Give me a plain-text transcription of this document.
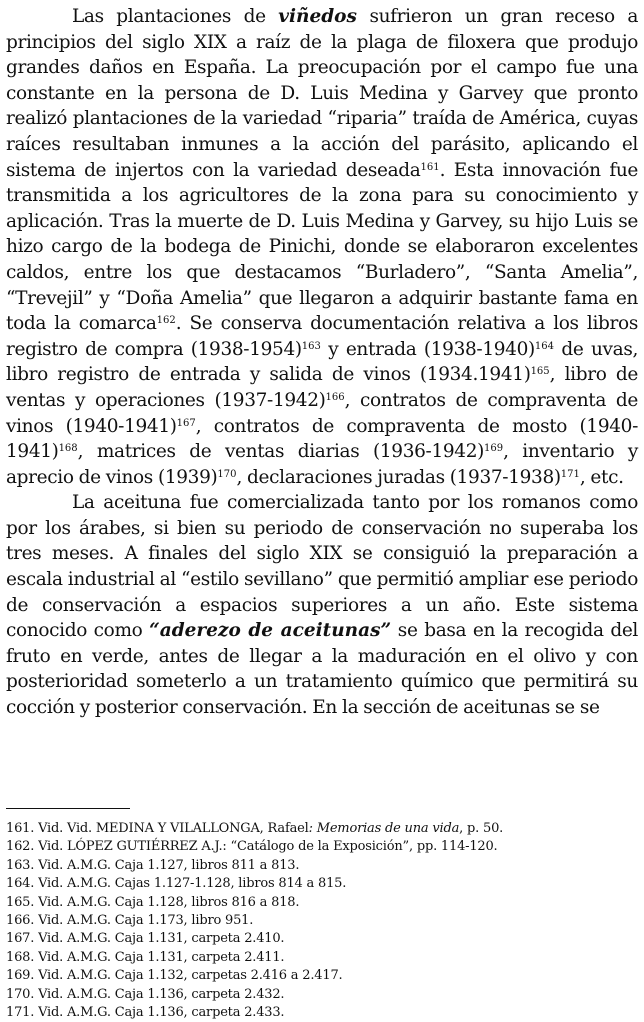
Las plantaciones de viñedos sufrieron un gran receso a principios del siglo XIX a raíz de la plaga de filoxera que produjo grandes daños en España. La preocupación por el campo fue una constante en la persona de D. Luis Medina y Garvey que pronto realizó plantaciones de la variedad “riparia” traída de América, cuyas raíces resultaban inmunes a la acción del parásito, aplicando el sistema de injertos con la variedad deseada$^{161}$. Esta innovación fue transmitida a los agricultores de la zona para su conocimiento y aplicación. Tras la muerte de D. Luis Medina y Garvey, su hijo Luis se hizo cargo de la bodega de Pinichi, donde se elaboraron excelentes caldos, entre los que destacamos “Burladero”, “Santa Amelia”, “Trevejil” y “Doña Amelia” que llegaron a adquirir bastante fama en toda la comarca$^{162}$. Se conserva documentación relativa a los libros registro de compra (1938-1954)$^{163}$ y entrada (1938-1940)$^{164}$ de uvas, libro registro de entrada y salida de vinos $(1934.1941)^{165}$, libro de ventas y operaciones (1937-1942)$^{166}$, contratos de compraventa de vinos (1940-1941)$^{167}$, contratos de compraventa de mosto (1940-1941)$^{168}$, matrices de ventas diarias (1936-1942)$^{169}$, inventario y aprecio de vinos $(1939)^{170}$, declaraciones juradas (1937-1938)$^{171}$, etc.

La aceituna fue comercializada tanto por los romanos como por los árabes, si bien su periodo de conservación no superaba los tres meses. A finales del siglo XIX se consiguió la preparación a escala industrial al “estilo sevillano” que permitió ampliar ese periodo de conservación a espacios superiores a un año. Este sistema conocido como “aderezo de aceitunas” se basa en la recogida del fruto en verde, antes de llegar a la maduración en el olivo y con posterioridad someterlo a un tratamiento químico que permitirá su cocción y posterior conservación. En la sección de aceitunas se se

161. Vid. Vid. MEDINA Y VILALLONGA, Rafael: Memorias de una vida, p. 50.
162. Vid. LÓPEZ GUTIÉRREZ A.J.: “Catálogo de la Exposición”, pp. 114-120.
163. Vid. A.M.G. Caja 1.127, libros 811 a 813.
164. Vid. A.M.G. Cajas 1.127-1.128, libros 814 a 815.
165. Vid. A.M.G. Caja 1.128, libros 816 a 818.
166. Vid. A.M.G. Caja 1.173, libro 951.
167. Vid. A.M.G. Caja 1.131, carpeta 2.410.
168. Vid. A.M.G. Caja 1.131, carpeta 2.411.
169. Vid. A.M.G. Caja 1.132, carpetas 2.416 a 2.417.
170. Vid. A.M.G. Caja 1.136, carpeta 2.432.
171. Vid. A.M.G. Caja 1.136, carpeta 2.433.
